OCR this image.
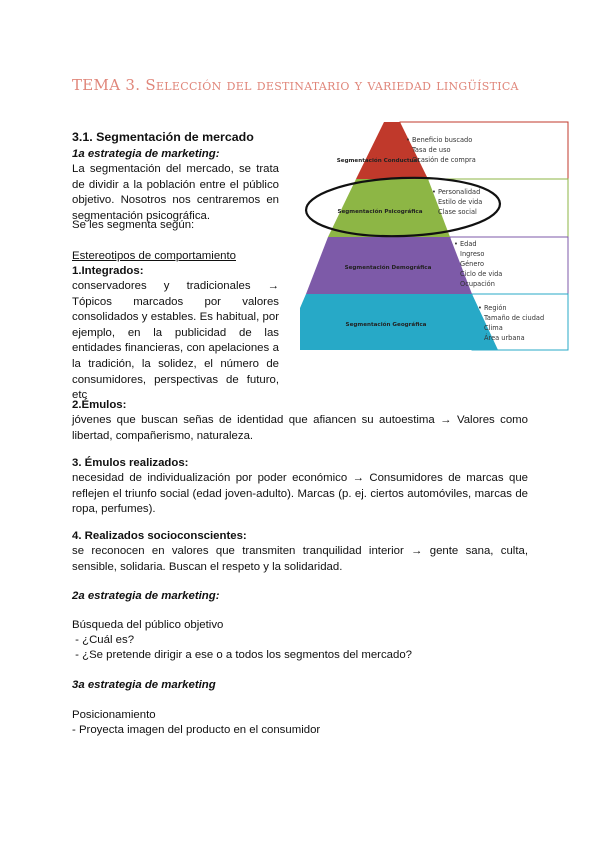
TEMA 3. Selección del destinatario y variedad lingüística
3.1. Segmentación de mercado
1a estrategia de marketing:
La segmentación del mercado, se trata de dividir a la población entre el público objetivo. Nosotros nos centraremos en segmentación psicográfica.
Se les segmenta según:
Estereotipos de comportamiento
1.Integrados:
conservadores y tradicionales → Tópicos marcados por valores consolidados y estables. Es habitual, por ejemplo, en la publicidad de las entidades financieras, con apelaciones a la tradición, la solidez, el número de consumidores, perspectivas de futuro, etc
2.Émulos:
jóvenes que buscan señas de identidad que afiancen su autoestima → Valores como libertad, compañerismo, naturaleza.
3. Émulos realizados:
necesidad de individualización por poder económico → Consumidores de marcas que reflejen el triunfo social (edad joven-adulto). Marcas (p. ej. ciertos automóviles, marcas de ropa, perfumes).
4. Realizados socioconscientes:
se reconocen en valores que transmiten tranquilidad interior → gente sana, culta, sensible, solidaria. Buscan el respeto y la solidaridad.
2a estrategia de marketing:
Búsqueda del público objetivo
- ¿Cuál es?
- ¿Se pretende dirigir a ese o a todos los segmentos del mercado?
3a estrategia de marketing
Posicionamiento
- Proyecta imagen del producto en el consumidor
Segmentación Conductual
Segmentación Psicográfica
Segmentación Demográfica
Segmentación Geográfica
• Beneficio buscado
Tasa de uso
Ocasión de compra
• Personalidad
Estilo de vida
Clase social
• Edad
Ingreso
Género
Ciclo de vida
Ocupación
• Región
Tamaño de ciudad
Clima
Área urbana
